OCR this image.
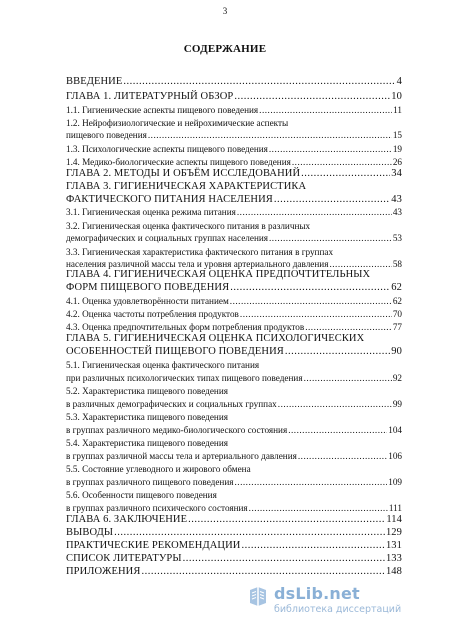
3
СОДЕРЖАНИЕ
ВВЕДЕНИЕ .....	4
ГЛАВА 1. ЛИТЕРАТУРНЫЙ ОБЗОР .....	10
1.1. Гигиенические аспекты пищевого поведения .....	11
1.2. Нейрофизиологические и нейрохимические аспекты
пищевого поведения .....	15
1.3. Психологические аспекты пищевого поведения .....	19
1.4. Медико-биологические аспекты пищевого поведения .....	26
ГЛАВА 2. МЕТОДЫ И ОБЪЁМ ИССЛЕДОВАНИЙ .....	34
ГЛАВА 3. ГИГИЕНИЧЕСКАЯ ХАРАКТЕРИСТИКА
ФАКТИЧЕСКОГО ПИТАНИЯ НАСЕЛЕНИЯ .....	43
3.1. Гигиеническая оценка режима питания .....	43
3.2. Гигиеническая оценка фактического питания в различных
демографических и социальных группах населения .....	53
3.3. Гигиеническая характеристика фактического питания в группах
населения различной массы тела и уровня артериального давления .....	58
ГЛАВА 4. ГИГИЕНИЧЕСКАЯ ОЦЕНКА ПРЕДПОЧТИТЕЛЬНЫХ
ФОРМ ПИЩЕВОГО ПОВЕДЕНИЯ .....	62
4.1. Оценка удовлетворённости питанием .....	62
4.2. Оценка частоты потребления продуктов .....	70
4.3. Оценка предпочтительных форм потребления продуктов .....	77
ГЛАВА 5. ГИГИЕНИЧЕСКАЯ ОЦЕНКА ПСИХОЛОГИЧЕСКИХ
ОСОБЕННОСТЕЙ ПИЩЕВОГО ПОВЕДЕНИЯ .....	90
5.1. Гигиеническая оценка фактического питания
при различных психологических типах пищевого поведения .....	92
5.2. Характеристика пищевого поведения
в различных демографических и социальных группах .....	99
5.3. Характеристика пищевого поведения
в группах различного медико-биологического состояния .....	104
5.4. Характеристика пищевого поведения
в группах различной массы тела и артериального давления .....	106
5.5. Состояние углеводного и жирового обмена
в группах различного пищевого поведения .....	109
5.6. Особенности пищевого поведения
в группах различного психического состояния .....	111
ГЛАВА 6. ЗАКЛЮЧЕНИЕ .....	114
ВЫВОДЫ .....	129
ПРАКТИЧЕСКИЕ РЕКОМЕНДАЦИИ .....	131
СПИСОК ЛИТЕРАТУРЫ .....	133
ПРИЛОЖЕНИЯ .....	148
dsLib.net
библиотека диссертаций
